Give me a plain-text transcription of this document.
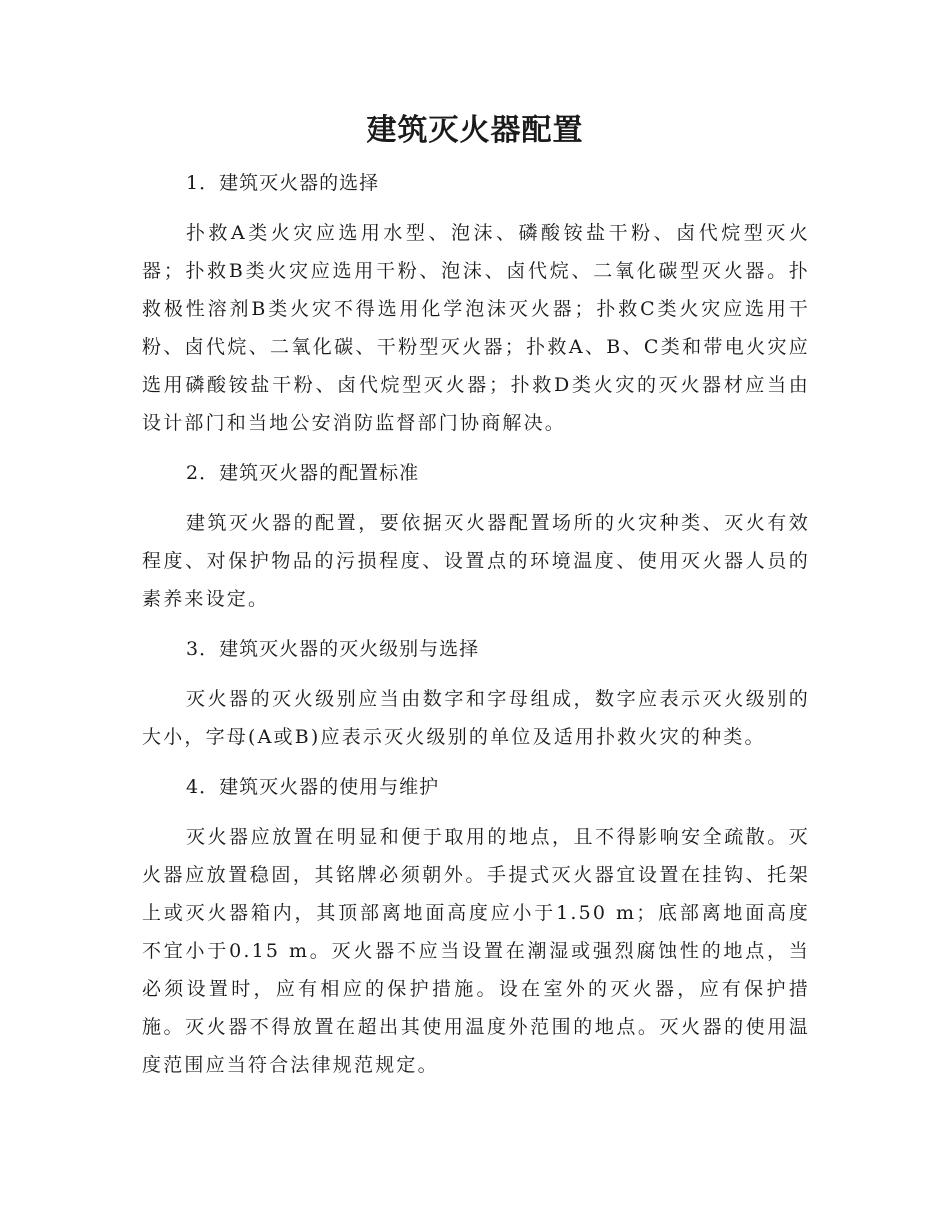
建筑灭火器配置
1．建筑灭火器的选择

扑救A类火灾应选用水型、泡沫、磷酸铵盐干粉、卤代烷型灭火器；扑救B类火灾应选用干粉、泡沫、卤代烷、二氧化碳型灭火器。扑救极性溶剂B类火灾不得选用化学泡沫灭火器；扑救C类火灾应选用干粉、卤代烷、二氧化碳、干粉型灭火器；扑救A、B、C类和带电火灾应选用磷酸铵盐干粉、卤代烷型灭火器；扑救D类火灾的灭火器材应当由设计部门和当地公安消防监督部门协商解决。

2．建筑灭火器的配置标准

建筑灭火器的配置，要依据灭火器配置场所的火灾种类、灭火有效程度、对保护物品的污损程度、设置点的环境温度、使用灭火器人员的素养来设定。

3．建筑灭火器的灭火级别与选择

灭火器的灭火级别应当由数字和字母组成，数字应表示灭火级别的大小，字母(A或B)应表示灭火级别的单位及适用扑救火灾的种类。

4．建筑灭火器的使用与维护

灭火器应放置在明显和便于取用的地点，且不得影响安全疏散。灭火器应放置稳固，其铭牌必须朝外。手提式灭火器宜设置在挂钩、托架上或灭火器箱内，其顶部离地面高度应小于1.50 m；底部离地面高度不宜小于0.15 m。灭火器不应当设置在潮湿或强烈腐蚀性的地点，当必须设置时，应有相应的保护措施。设在室外的灭火器，应有保护措施。灭火器不得放置在超出其使用温度外范围的地点。灭火器的使用温度范围应当符合法律规范规定。
